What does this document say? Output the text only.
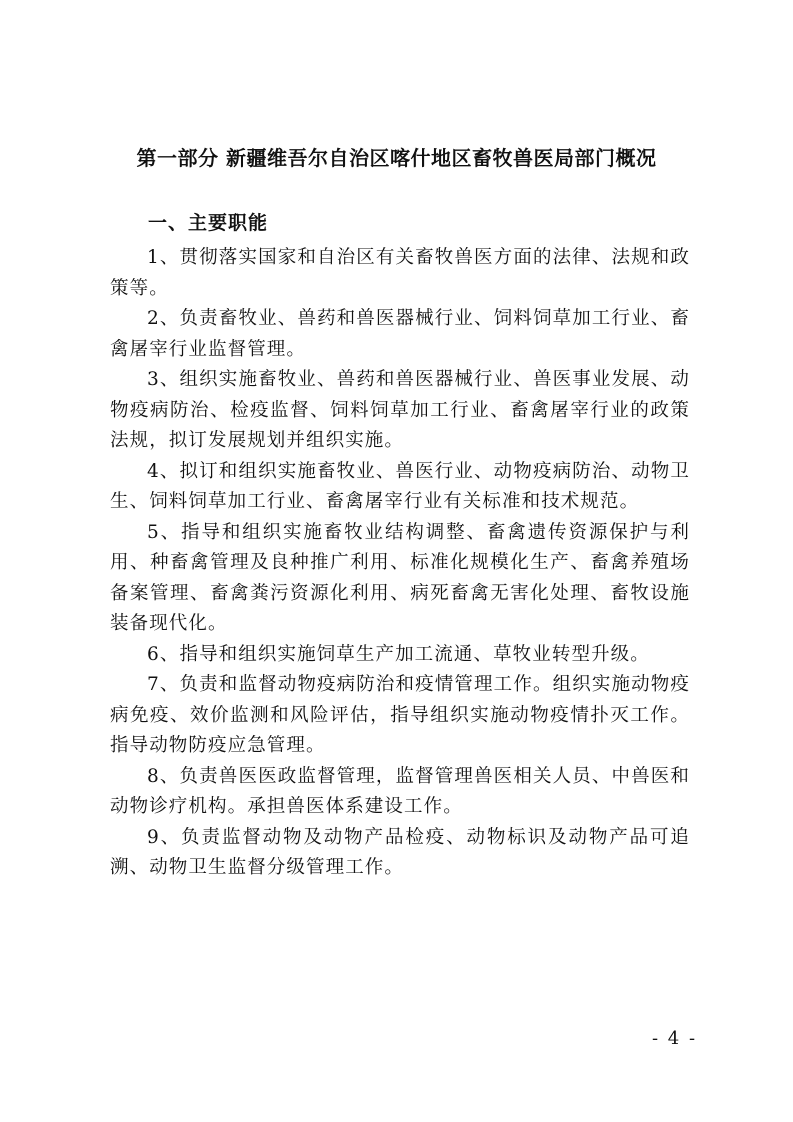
第一部分 新疆维吾尔自治区喀什地区畜牧兽医局部门概况
一、主要职能

1、贯彻落实国家和自治区有关畜牧兽医方面的法律、法规和政策等。

2、负责畜牧业、兽药和兽医器械行业、饲料饲草加工行业、畜禽屠宰行业监督管理。

3、组织实施畜牧业、兽药和兽医器械行业、兽医事业发展、动物疫病防治、检疫监督、饲料饲草加工行业、畜禽屠宰行业的政策法规，拟订发展规划并组织实施。

4、拟订和组织实施畜牧业、兽医行业、动物疫病防治、动物卫生、饲料饲草加工行业、畜禽屠宰行业有关标准和技术规范。

5、指导和组织实施畜牧业结构调整、畜禽遗传资源保护与利用、种畜禽管理及良种推广利用、标准化规模化生产、畜禽养殖场备案管理、畜禽粪污资源化利用、病死畜禽无害化处理、畜牧设施装备现代化。

6、指导和组织实施饲草生产加工流通、草牧业转型升级。

7、负责和监督动物疫病防治和疫情管理工作。组织实施动物疫病免疫、效价监测和风险评估，指导组织实施动物疫情扑灭工作。指导动物防疫应急管理。

8、负责兽医医政监督管理，监督管理兽医相关人员、中兽医和动物诊疗机构。承担兽医体系建设工作。

9、负责监督动物及动物产品检疫、动物标识及动物产品可追溯、动物卫生监督分级管理工作。

- 4 -
